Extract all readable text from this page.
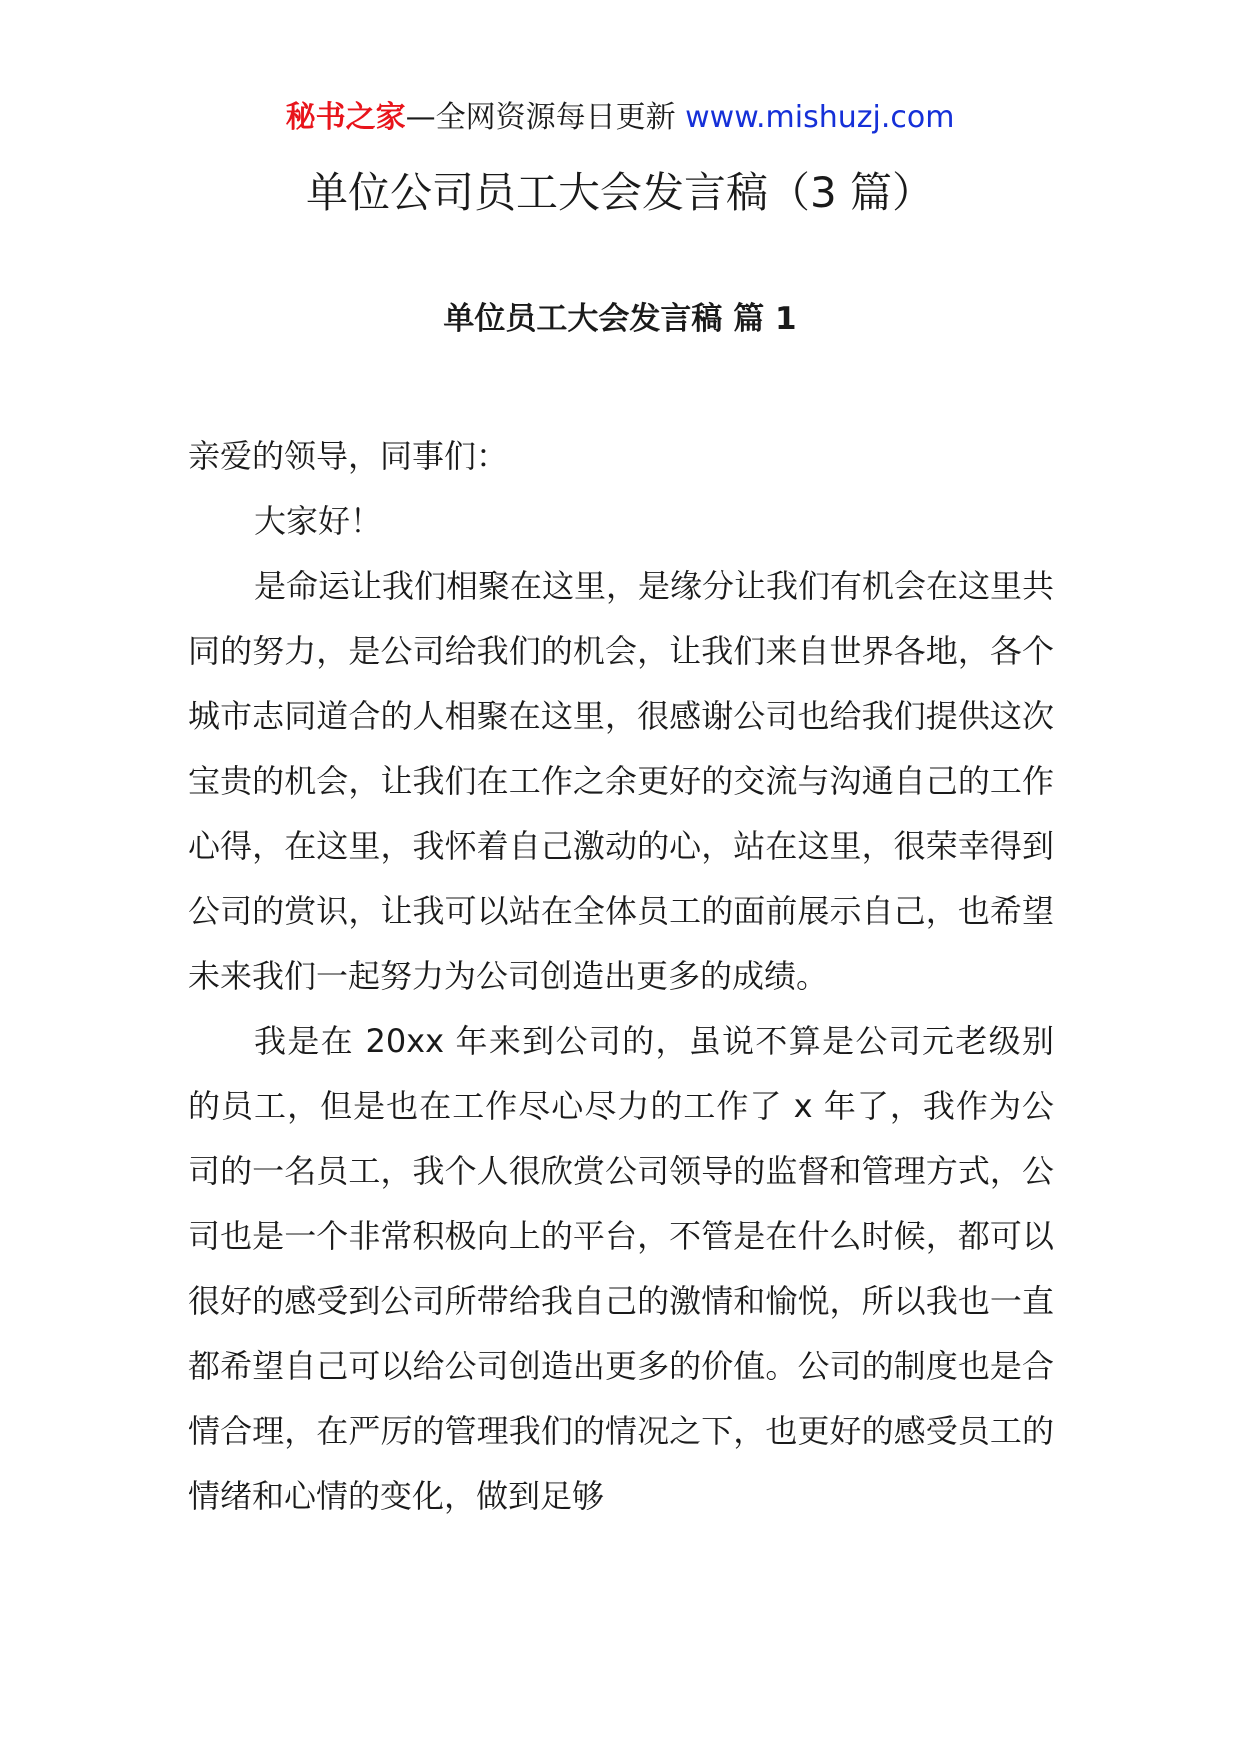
秘书之家—全网资源每日更新 www.mishuzj.com
单位公司员工大会发言稿（3 篇）
单位员工大会发言稿 篇 1

亲爱的领导，同事们：

大家好！

是命运让我们相聚在这里，是缘分让我们有机会在这里共同的努力，是公司给我们的机会，让我们来自世界各地，各个城市志同道合的人相聚在这里，很感谢公司也给我们提供这次宝贵的机会，让我们在工作之余更好的交流与沟通自己的工作心得，在这里，我怀着自己激动的心，站在这里，很荣幸得到公司的赏识，让我可以站在全体员工的面前展示自己，也希望未来我们一起努力为公司创造出更多的成绩。

我是在 20xx 年来到公司的，虽说不算是公司元老级别的员工，但是也在工作尽心尽力的工作了 x 年了，我作为公司的一名员工，我个人很欣赏公司领导的监督和管理方式，公司也是一个非常积极向上的平台，不管是在什么时候，都可以很好的感受到公司所带给我自己的激情和愉悦，所以我也一直都希望自己可以给公司创造出更多的价值。公司的制度也是合情合理，在严厉的管理我们的情况之下，也更好的感受员工的情绪和心情的变化，做到足够
